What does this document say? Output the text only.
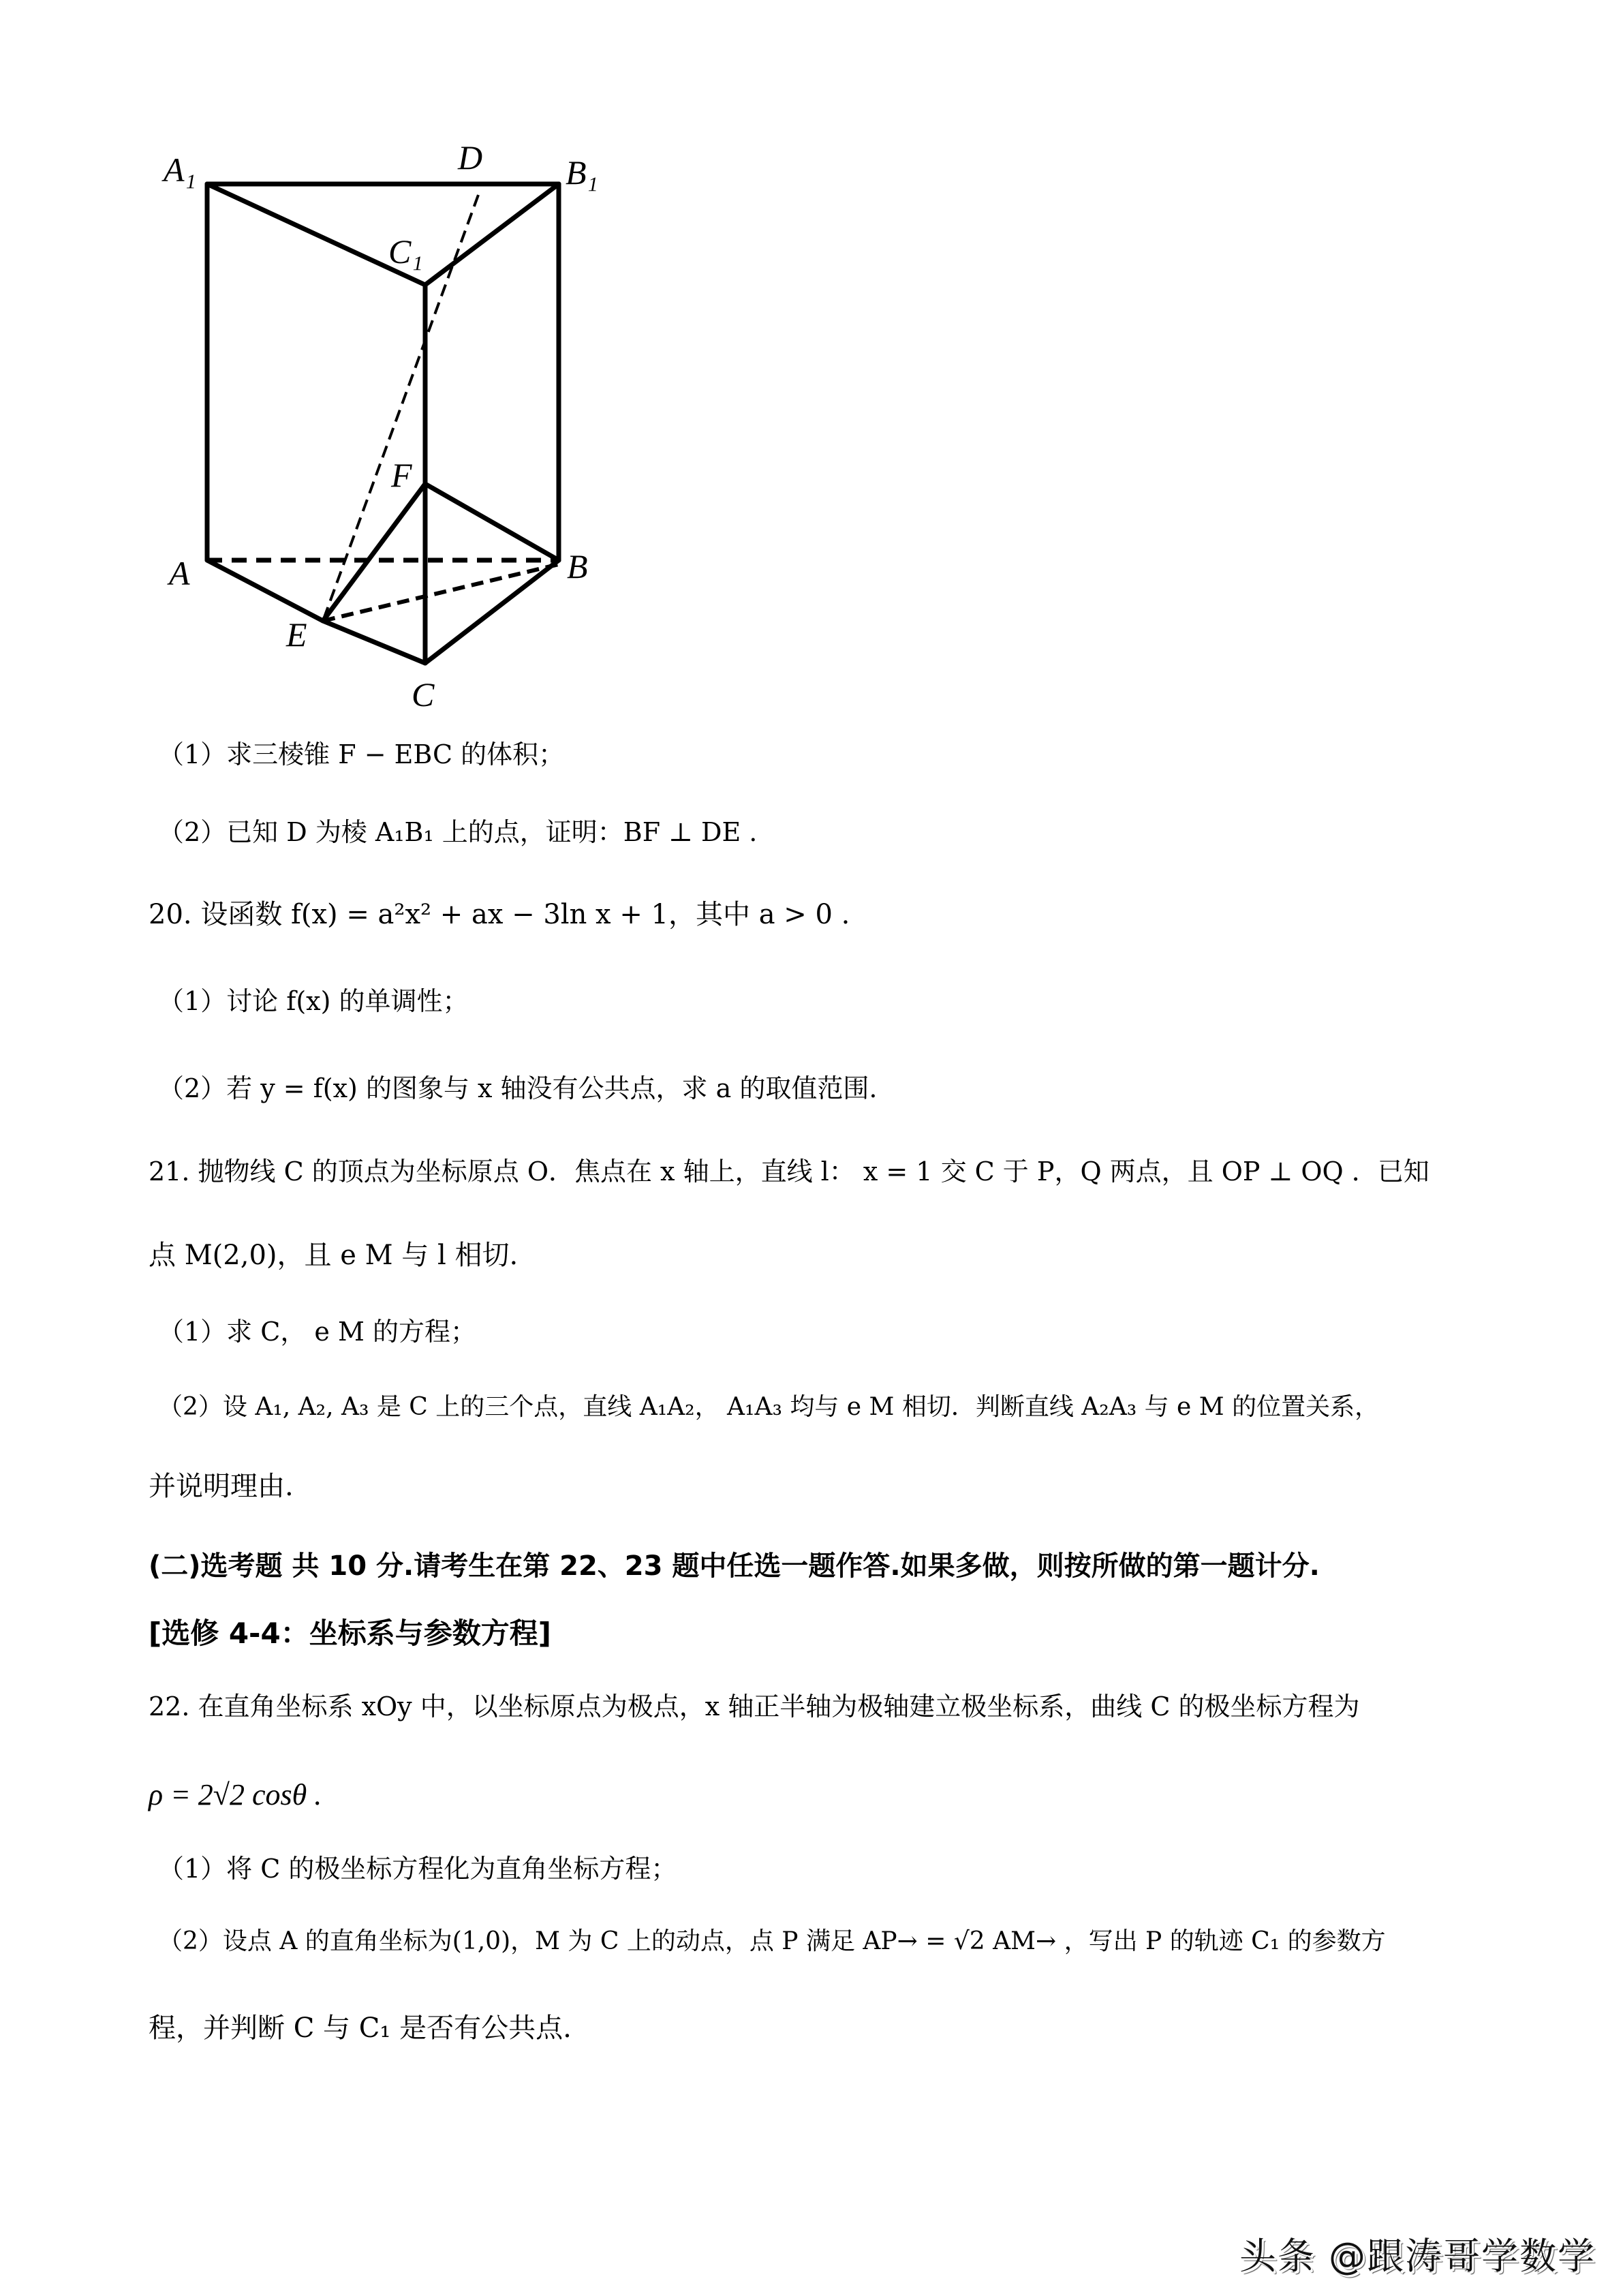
A₁	D B₁
C₁
F
A	B
E
C
（1）求三棱锥 F − EBC 的体积；
（2）已知 D 为棱 A₁B₁ 上的点，证明：BF ⊥ DE .
20. 设函数 f(x) = a²x² + ax − 3ln x + 1，其中 a > 0 .
（1）讨论 f(x) 的单调性；
（2）若 y = f(x) 的图象与 x 轴没有公共点，求 a 的取值范围.
21. 抛物线 C 的顶点为坐标原点 O．焦点在 x 轴上，直线 l： x = 1 交 C 于 P，Q 两点，且 OP ⊥ OQ ．已知
点 M(2,0)，且 e M 与 l 相切.
（1）求 C， e M 的方程；
（2）设 A₁, A₂, A₃ 是 C 上的三个点，直线 A₁A₂， A₁A₃ 均与 e M 相切．判断直线 A₂A₃ 与 e M 的位置关系，
并说明理由.
(二)选考题 共 10 分.请考生在第 22、23 题中任选一题作答.如果多做，则按所做的第一题计分.
[选修 4-4：坐标系与参数方程]
22. 在直角坐标系 xOy 中，以坐标原点为极点，x 轴正半轴为极轴建立极坐标系，曲线 C 的极坐标方程为
ρ = 2√2 cosθ .
（1）将 C 的极坐标方程化为直角坐标方程；
（2）设点 A 的直角坐标为(1,0)，M 为 C 上的动点，点 P 满足 AP→ = √2 AM→ ，写出 P 的轨迹 C₁ 的参数方
程，并判断 C 与 C₁ 是否有公共点.
头条 @跟涛哥学数学
